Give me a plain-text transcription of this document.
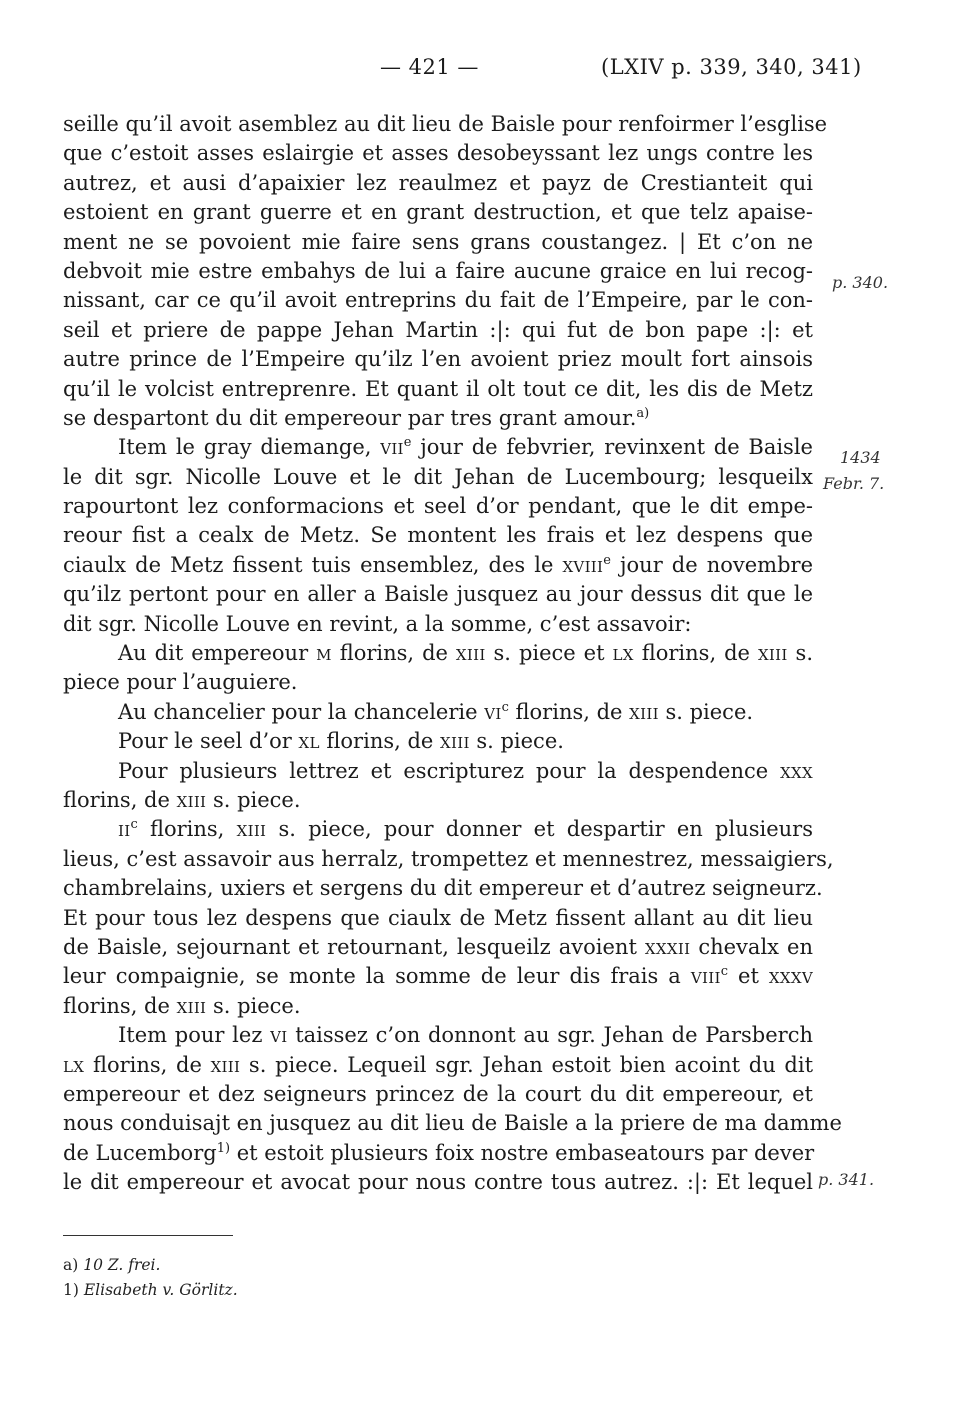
— 421 —	(LXIV p. 339, 340, 341)
seille qu’il avoit asemblez au dit lieu de Baisle pour renfoirmer l’esglise
que c’estoit asses eslairgie et asses desobeyssant lez ungs contre les
autrez, et ausi d’apaixier lez reaulmez et payz de Crestianteit qui
estoient en grant guerre et en grant destruction, et que telz apaise-
ment ne se povoient mie faire sens grans coustangez. | Et c’on ne
debvoit mie estre embahys de lui a faire aucune graice en lui recog-
nissant, car ce qu’il avoit entreprins du fait de l’Empeire, par le con-
seil et priere de pappe Jehan Martin :|: qui fut de bon pape :|: et
autre prince de l’Empeire qu’ilz l’en avoient priez moult fort ainsois
qu’il le volcist entreprenre. Et quant il olt tout ce dit, les dis de Metz
se despartont du dit empereour par tres grant amour.$^{a)}$
Item le gray diemange, VIIe jour de febvrier, revinxent de Baisle
le dit sgr. Nicolle Louve et le dit Jehan de Lucembourg; lesqueilx
rapourtont lez conformacions et seel d’or pendant, que le dit empe-
reour fist a cealx de Metz. Se montent les frais et lez despens que
ciaulx de Metz fissent tuis ensemblez, des le XVIIIe jour de novembre
qu’ilz pertont pour en aller a Baisle jusquez au jour dessus dit que le
dit sgr. Nicolle Louve en revint, a la somme, c’est assavoir:
Au dit empereour M florins, de XIII s. piece et LX florins, de XIII s.
piece pour l’auguiere.
Au chancelier pour la chancelerie $VI^c$ florins, de XIII s. piece.
Pour le seel d’or XL florins, de XIII s. piece.
Pour plusieurs lettrez et escripturez pour la despendence XXX
florins, de XIII s. piece.
$II^c$ florins, XIII s. piece, pour donner et despartir en plusieurs
lieus, c’est assavoir aus herralz, trompettez et mennestrez, messaigiers,
chambrelains, uxiers et sergens du dit empereur et d’autrez seigneurz.
Et pour tous lez despens que ciaulx de Metz fissent allant au dit lieu
de Baisle, sejournant et retournant, lesqueilz avoient XXXII chevalx en
leur compaignie, se monte la somme de leur dis frais a VIII$^c$ et XXXV
florins, de XIII s. piece.
Item pour lez VI taissez c’on donnont au sgr. Jehan de Parsberch
LX florins, de XIII s. piece. Lequeil sgr. Jehan estoit bien acoint du dit
empereour et dez seigneurs princez de la court du dit empereour, et
nous conduisajt en jusquez au dit lieu de Baisle a la priere de ma damme
de Lucemborg$^{1)}$ et estoit plusieurs foix nostre embaseatours par dever
le dit empereour et avocat pour nous contre tous autrez. :|: Et lequel
p. 340.
1434
Febr. 7.
p. 341.
a) 10 Z. frei.
1) Elisabeth v. Görlitz.
